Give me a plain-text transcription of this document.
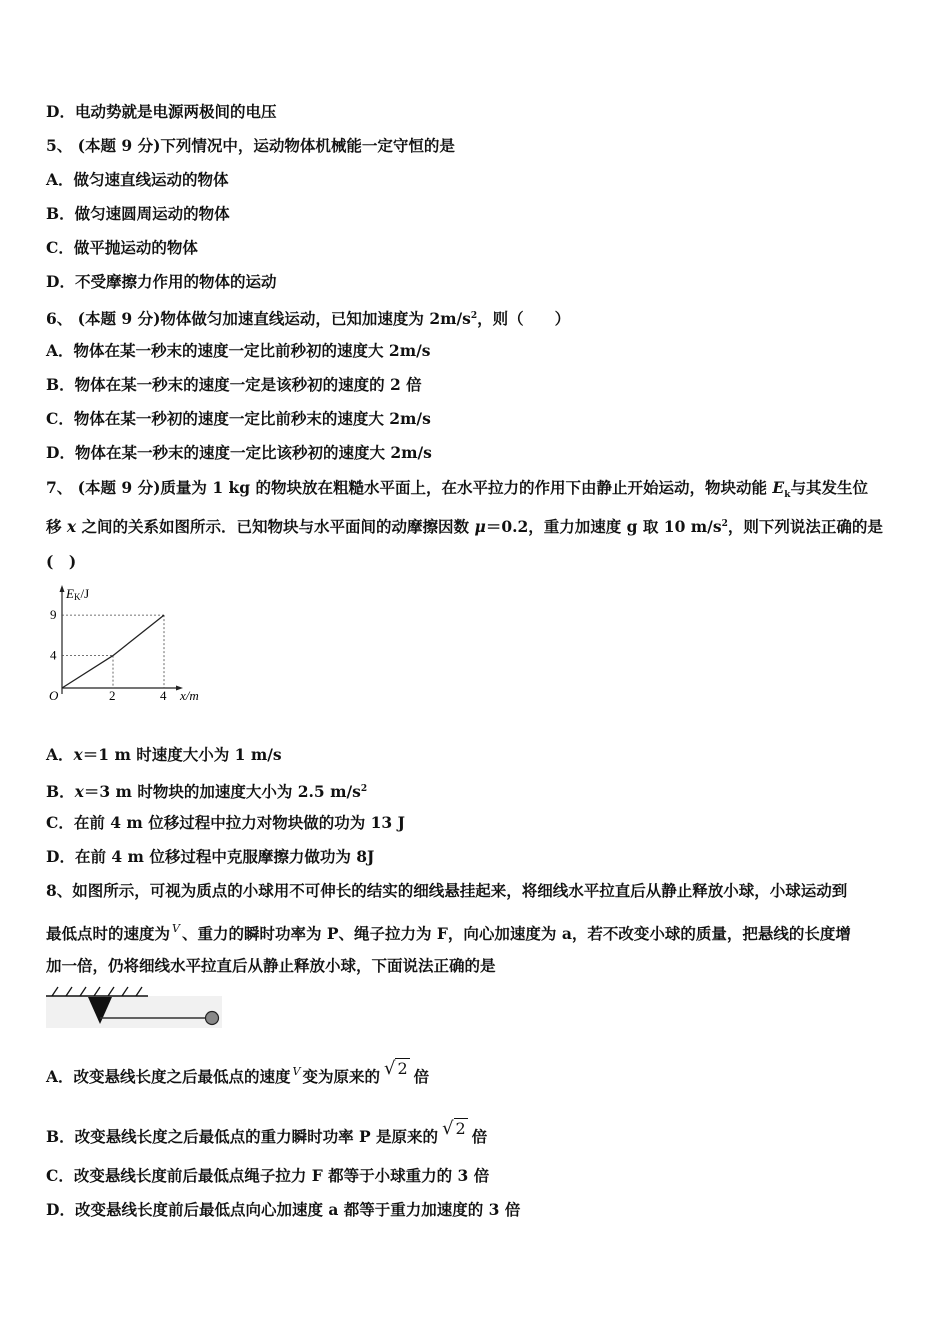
D．电动势就是电源两极间的电压
5、 (本题 9 分)下列情况中，运动物体机械能一定守恒的是
A．做匀速直线运动的物体
B．做匀速圆周运动的物体
C．做平抛运动的物体
D．不受摩擦力作用的物体的运动
6、 (本题 9 分)物体做匀加速直线运动，已知加速度为 $2m/s^2$，则（　　）
A．物体在某一秒末的速度一定比前秒初的速度大 2m/s
B．物体在某一秒末的速度一定是该秒初的速度的 2 倍
C．物体在某一秒初的速度一定比前秒末的速度大 2m/s
D．物体在某一秒末的速度一定比该秒初的速度大 2m/s
7、 (本题 9 分)质量为 1 kg 的物块放在粗糙水平面上，在水平拉力的作用下由静止开始运动，物块动能 $E_k$与其发生位
移 x 之间的关系如图所示．已知物块与水平面间的动摩擦因数 μ＝0.2，重力加速度 g 取 10 $m/s^2$，则下列说法正确的是
(　)
2	4
4
9
EK/J
O	x/m
A．x＝1 m 时速度大小为 1 m/s
B．x＝3 m 时物块的加速度大小为 2.5 $m/s^2$
C．在前 4 m 位移过程中拉力对物块做的功为 13 J
D．在前 4 m 位移过程中克服摩擦力做功为 8J
8、如图所示，可视为质点的小球用不可伸长的结实的细线悬挂起来，将细线水平拉直后从静止释放小球，小球运动到
最低点时的速度为 $^V$ 、重力的瞬时功率为 P、绳子拉力为 F，向心加速度为 a，若不改变小球的质量，把悬线的长度增
加一倍，仍将细线水平拉直后从静止释放小球，下面说法正确的是
A．改变悬线长度之后最低点的速度 $^V$ 变为原来的 √ 2 倍
B．改变悬线长度之后最低点的重力瞬时功率 P 是原来的 √ 2 倍
C．改变悬线长度前后最低点绳子拉力 F 都等于小球重力的 3 倍
D．改变悬线长度前后最低点向心加速度 a 都等于重力加速度的 3 倍
